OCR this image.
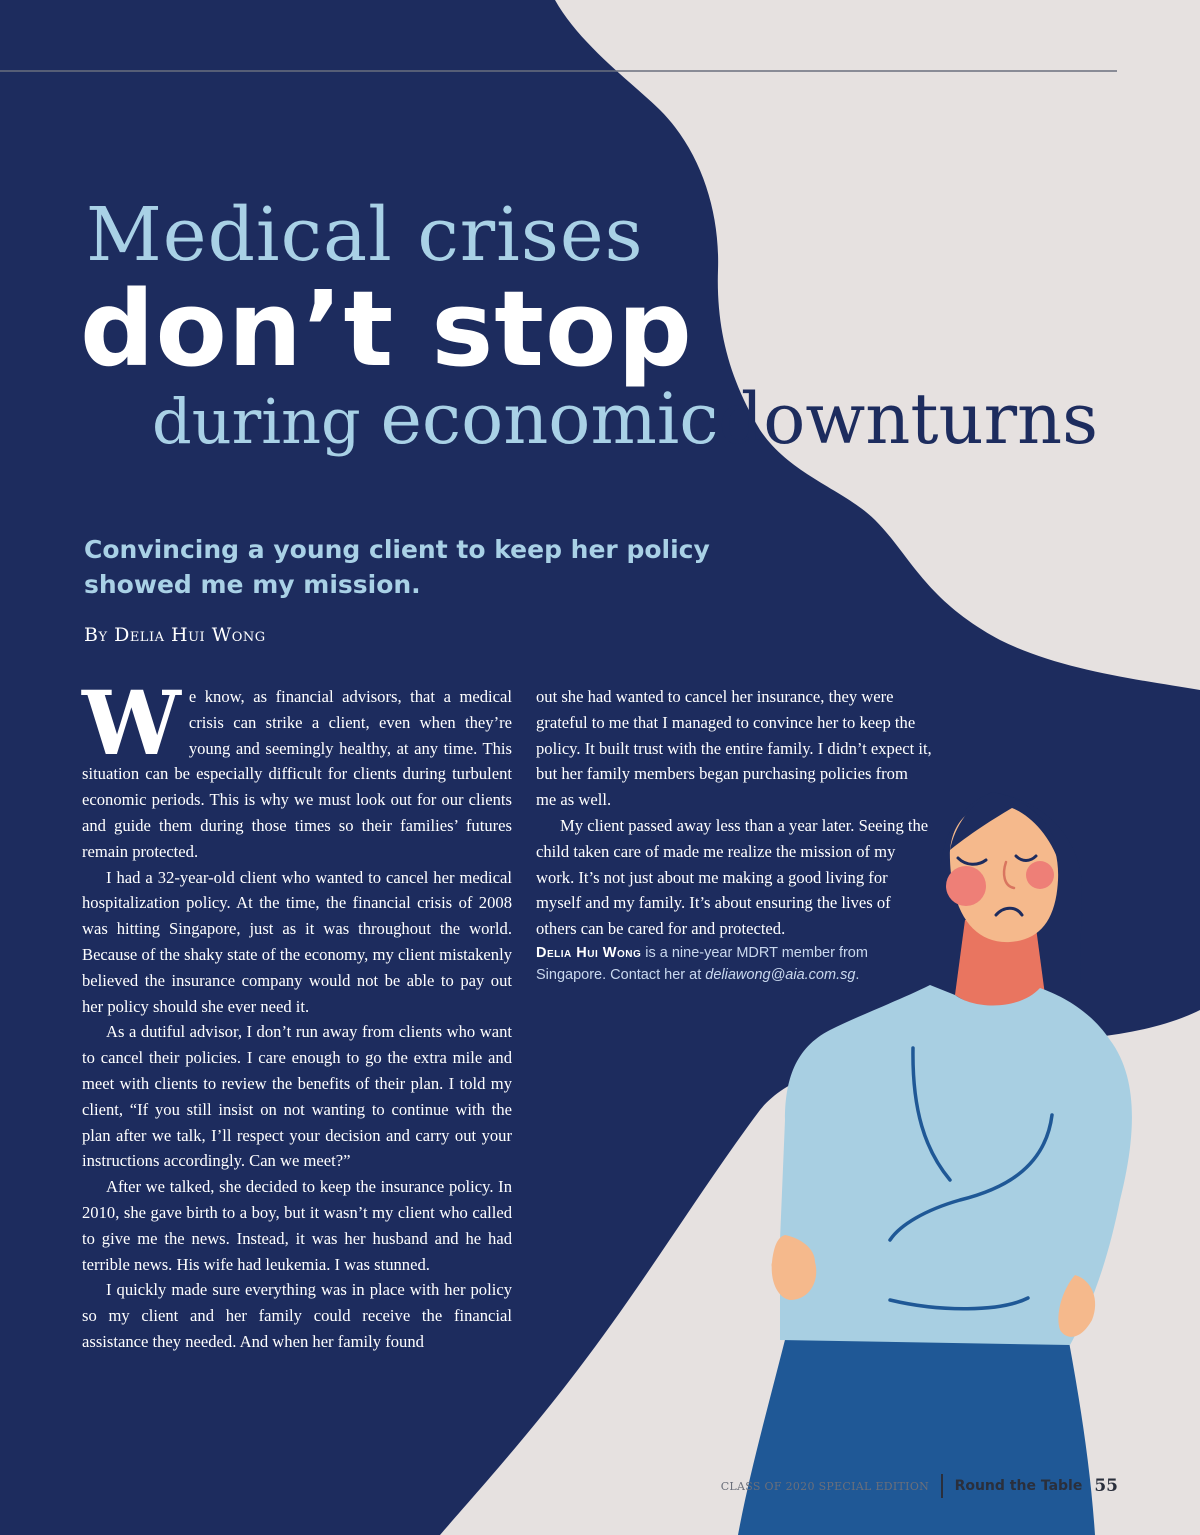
Medical crises
don’t stop
during economicdownturns

Convincing a young client to keep her policy showed me my mission.

By Delia Hui Wong

We know, as financial advisors, that a medical crisis can strike a client, even when they’re young and seemingly healthy, at any time. This situation can be especially difficult for clients during turbulent economic periods. This is why we must look out for our clients and guide them during those times so their families’ futures remain protected.

I had a 32-year-old client who wanted to cancel her medical hospitalization policy. At the time, the financial crisis of 2008 was hitting Singapore, just as it was throughout the world. Because of the shaky state of the economy, my client mistakenly believed the insurance company would not be able to pay out her policy should she ever need it.

As a dutiful advisor, I don’t run away from clients who want to cancel their policies. I care enough to go the extra mile and meet with clients to review the benefits of their plan. I told my client, “If you still insist on not wanting to continue with the plan after we talk, I’ll respect your decision and carry out your instructions accordingly. Can we meet?”

After we talked, she decided to keep the insurance policy. In 2010, she gave birth to a boy, but it wasn’t my client who called to give me the news. Instead, it was her husband and he had terrible news. His wife had leukemia. I was stunned.

I quickly made sure everything was in place with her policy so my client and her family could receive the financial assistance they needed. And when her family found

out she had wanted to cancel her insurance, they were grateful to me that I managed to convince her to keep the policy. It built trust with the entire family. I didn’t expect it, but her family members began purchasing policies from me as well.

My client passed away less than a year later. Seeing the child taken care of made me realize the mission of my work. It’s not just about me making a good living for myself and my family. It’s about ensuring the lives of others can be cared for and protected.

Delia Hui Wong is a nine-year MDRT member from Singapore. Contact her at deliawong@aia.com.sg.

CLASS OF 2020 SPECIAL EDITION Round the Table 55
